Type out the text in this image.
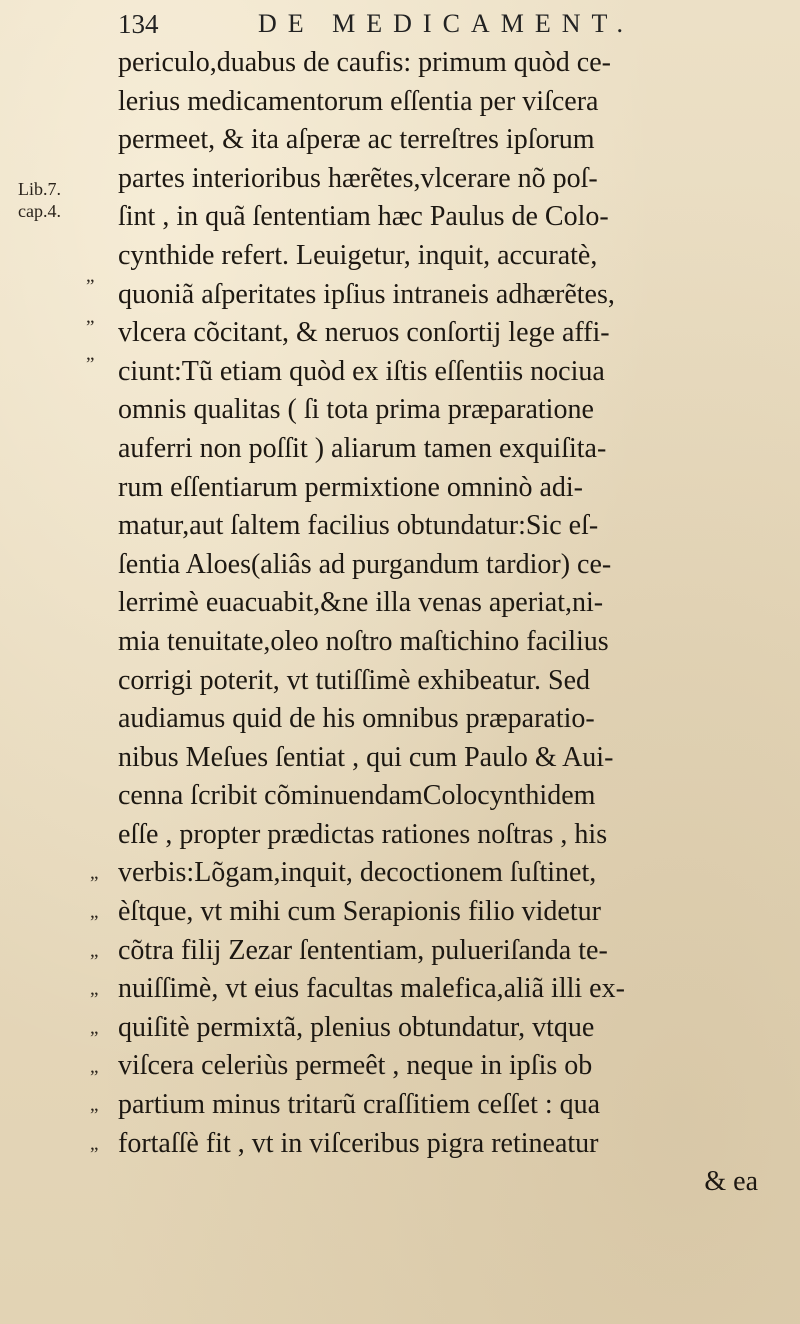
134	DE MEDICAMENT.
Lib.7.
cap.4.
”
”
”
”
”
”
”
”
”
”
”
periculo,duabus de caufis: primum quòd ce-
lerius medicamentorum eſſentia per viſcera
permeet, & ita aſperæ ac terreſtres ipſorum
partes interioribus hærẽtes,vlcerare nõ poſ-
ſint , in quã ſententiam hæc Paulus de Colo-
cynthide refert. Leuigetur, inquit, accuratè,
quoniã aſperitates ipſius intraneis adhærẽtes,
vlcera cõcitant, & neruos conſortij lege affi-
ciunt:Tũ etiam quòd ex iſtis eſſentiis nociua
omnis qualitas ( ſi tota prima præparatione
auferri non poſſit ) aliarum tamen exquiſita-
rum eſſentiarum permixtione omninò adi-
matur,aut ſaltem facilius obtundatur:Sic eſ-
ſentia Aloes(aliâs ad purgandum tardior) ce-
lerrimè euacuabit,&ne illa venas aperiat,ni-
mia tenuitate,oleo noſtro maſtichino facilius
corrigi poterit, vt tutiſſimè exhibeatur. Sed
audiamus quid de his omnibus præparatio-
nibus Meſues ſentiat , qui cum Paulo & Aui-
cenna ſcribit cõminuendamColocynthidem
eſſe , propter prædictas rationes noſtras , his
verbis:Lõgam,inquit, decoctionem ſuſtinet,
èſtque, vt mihi cum Serapionis filio videtur
cõtra filij Zezar ſententiam, pulueriſanda te-
nuiſſimè, vt eius facultas malefica,aliã illi ex-
quiſitè permixtã, plenius obtundatur, vtque
viſcera celeriùs permeêt , neque in ipſis ob
partium minus tritarũ craſſitiem ceſſet : qua
fortaſſè fit , vt in viſceribus pigra retineatur
& ea
